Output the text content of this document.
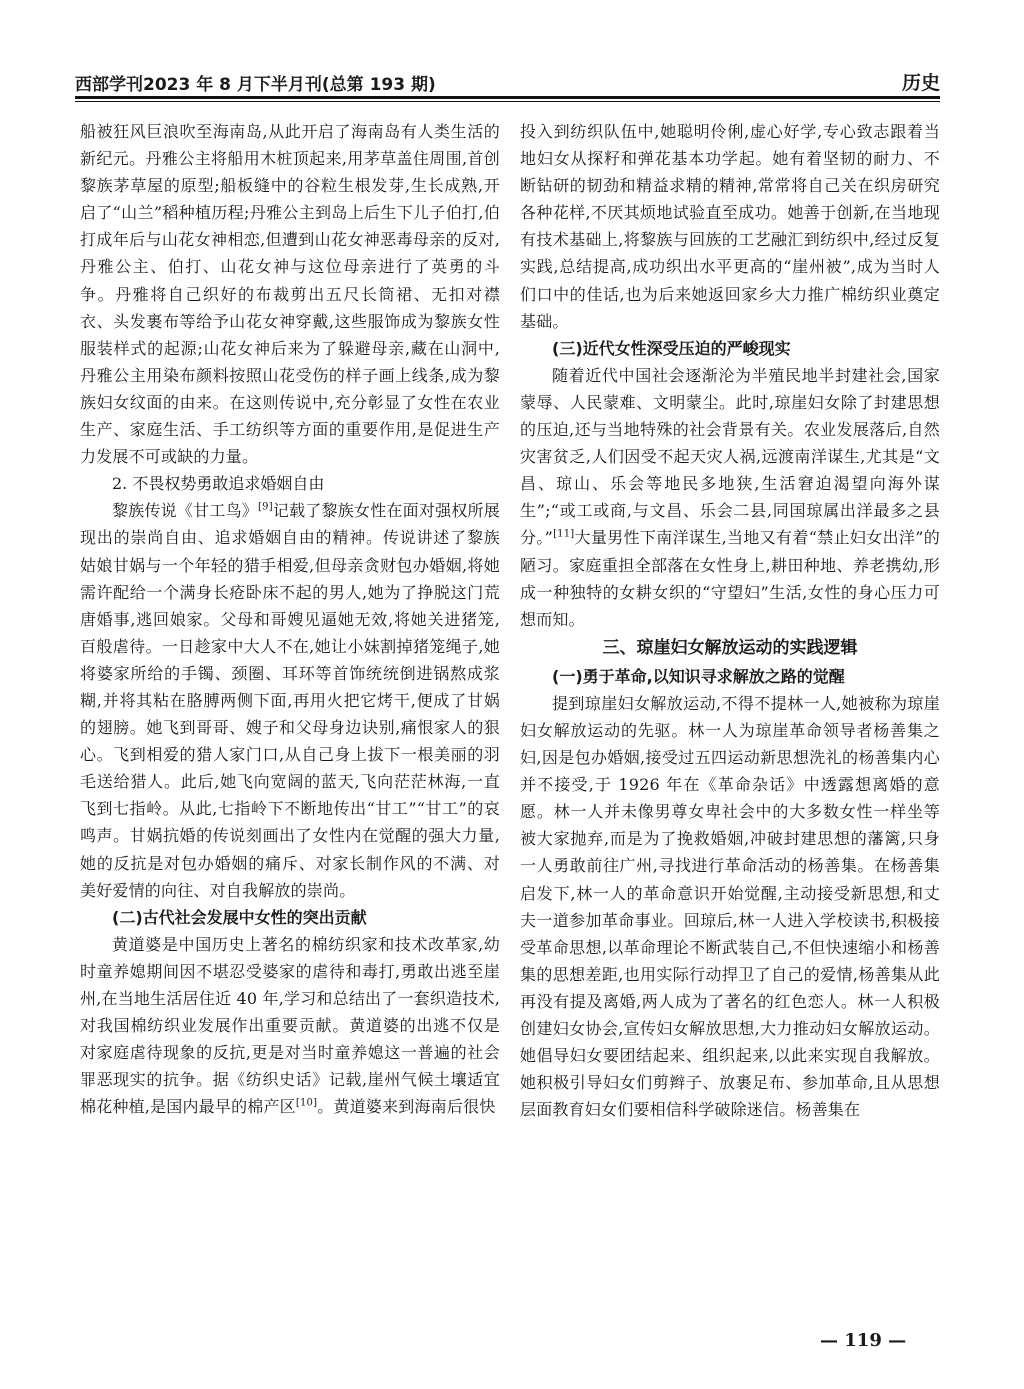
西部学刊2023 年 8 月下半月刊(总第 193 期)	历史

船被狂风巨浪吹至海南岛,从此开启了海南岛有人类生活的新纪元。丹雅公主将船用木桩顶起来,用茅草盖住周围,首创黎族茅草屋的原型;船板缝中的谷粒生根发芽,生长成熟,开启了“山兰”稻种植历程;丹雅公主到岛上后生下儿子伯打,伯打成年后与山花女神相恋,但遭到山花女神恶毒母亲的反对,丹雅公主、伯打、山花女神与这位母亲进行了英勇的斗争。丹雅将自己织好的布裁剪出五尺长筒裙、无扣对襟衣、头发裹布等给予山花女神穿戴,这些服饰成为黎族女性服装样式的起源;山花女神后来为了躲避母亲,藏在山洞中,丹雅公主用染布颜料按照山花受伤的样子画上线条,成为黎族妇女纹面的由来。在这则传说中,充分彰显了女性在农业生产、家庭生活、手工纺织等方面的重要作用,是促进生产力发展不可或缺的力量。

2. 不畏权势勇敢追求婚姻自由

黎族传说《甘工鸟》[9]记载了黎族女性在面对强权所展现出的崇尚自由、追求婚姻自由的精神。传说讲述了黎族姑娘甘娲与一个年轻的猎手相爱,但母亲贪财包办婚姻,将她需许配给一个满身长疮卧床不起的男人,她为了挣脱这门荒唐婚事,逃回娘家。父母和哥嫂见逼她无效,将她关进猪笼,百般虐待。一日趁家中大人不在,她让小妹割掉猪笼绳子,她将婆家所给的手镯、颈圈、耳环等首饰统统倒进锅熬成浆糊,并将其粘在胳膊两侧下面,再用火把它烤干,便成了甘娲的翅膀。她飞到哥哥、嫂子和父母身边诀别,痛恨家人的狠心。飞到相爱的猎人家门口,从自己身上拔下一根美丽的羽毛送给猎人。此后,她飞向宽阔的蓝天,飞向茫茫林海,一直飞到七指岭。从此,七指岭下不断地传出“甘工”“甘工”的哀鸣声。甘娲抗婚的传说刻画出了女性内在觉醒的强大力量,她的反抗是对包办婚姻的痛斥、对家长制作风的不满、对美好爱情的向往、对自我解放的崇尚。

(二)古代社会发展中女性的突出贡献

黄道婆是中国历史上著名的棉纺织家和技术改革家,幼时童养媳期间因不堪忍受婆家的虐待和毒打,勇敢出逃至崖州,在当地生活居住近 40 年,学习和总结出了一套织造技术,对我国棉纺织业发展作出重要贡献。黄道婆的出逃不仅是对家庭虐待现象的反抗,更是对当时童养媳这一普遍的社会罪恶现实的抗争。据《纺织史话》记载,崖州气候土壤适宜棉花种植,是国内最早的棉产区[10]。黄道婆来到海南后很快

投入到纺织队伍中,她聪明伶俐,虚心好学,专心致志跟着当地妇女从探籽和弹花基本功学起。她有着坚韧的耐力、不断钻研的韧劲和精益求精的精神,常常将自己关在织房研究各种花样,不厌其烦地试验直至成功。她善于创新,在当地现有技术基础上,将黎族与回族的工艺融汇到纺织中,经过反复实践,总结提高,成功织出水平更高的“崖州被”,成为当时人们口中的佳话,也为后来她返回家乡大力推广棉纺织业奠定基础。

(三)近代女性深受压迫的严峻现实

随着近代中国社会逐渐沦为半殖民地半封建社会,国家蒙辱、人民蒙难、文明蒙尘。此时,琼崖妇女除了封建思想的压迫,还与当地特殊的社会背景有关。农业发展落后,自然灾害贫乏,人们因受不起天灾人祸,远渡南洋谋生,尤其是“文昌、琼山、乐会等地民多地狭,生活窘迫渴望向海外谋生”;“或工或商,与文昌、乐会二县,同国琼属出洋最多之县分。”[11]大量男性下南洋谋生,当地又有着“禁止妇女出洋”的陋习。家庭重担全部落在女性身上,耕田种地、养老携幼,形成一种独特的女耕女织的“守望妇”生活,女性的身心压力可想而知。

三、琼崖妇女解放运动的实践逻辑
(一)勇于革命,以知识寻求解放之路的觉醒

提到琼崖妇女解放运动,不得不提林一人,她被称为琼崖妇女解放运动的先驱。林一人为琼崖革命领导者杨善集之妇,因是包办婚姻,接受过五四运动新思想洗礼的杨善集内心并不接受,于 1926 年在《革命杂话》中透露想离婚的意愿。林一人并未像男尊女卑社会中的大多数女性一样坐等被大家抛弃,而是为了挽救婚姻,冲破封建思想的藩篱,只身一人勇敢前往广州,寻找进行革命活动的杨善集。在杨善集启发下,林一人的革命意识开始觉醒,主动接受新思想,和丈夫一道参加革命事业。回琼后,林一人进入学校读书,积极接受革命思想,以革命理论不断武装自己,不但快速缩小和杨善集的思想差距,也用实际行动捍卫了自己的爱情,杨善集从此再没有提及离婚,两人成为了著名的红色恋人。林一人积极创建妇女协会,宣传妇女解放思想,大力推动妇女解放运动。她倡导妇女要团结起来、组织起来,以此来实现自我解放。她积极引导妇女们剪辫子、放裹足布、参加革命,且从思想层面教育妇女们要相信科学破除迷信。杨善集在

— 119 —
